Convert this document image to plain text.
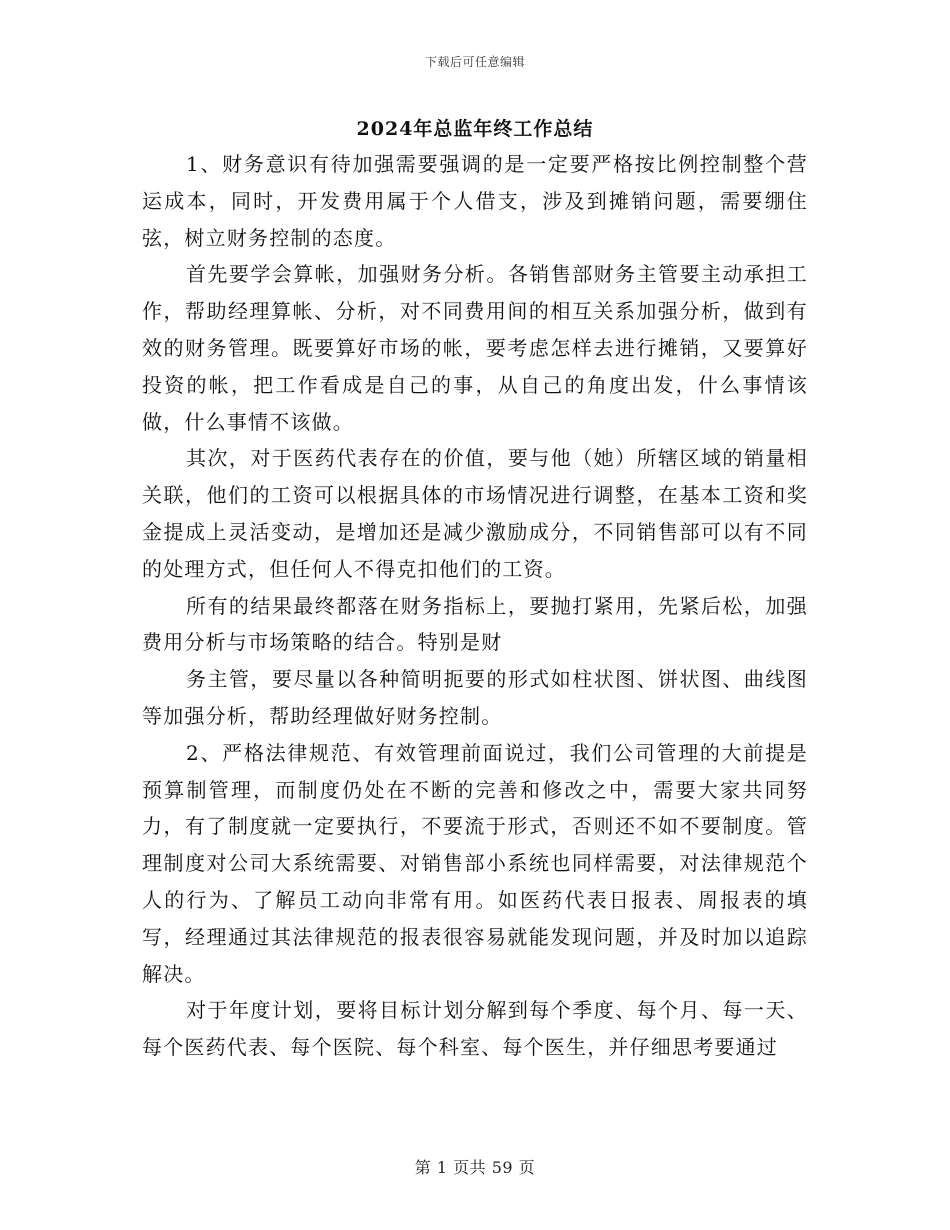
下载后可任意编辑
2024年总监年终工作总结

1、财务意识有待加强需要强调的是一定要严格按比例控制整个营运成本，同时，开发费用属于个人借支，涉及到摊销问题，需要绷住弦，树立财务控制的态度。

首先要学会算帐，加强财务分析。各销售部财务主管要主动承担工作，帮助经理算帐、分析，对不同费用间的相互关系加强分析，做到有效的财务管理。既要算好市场的帐，要考虑怎样去进行摊销，又要算好投资的帐，把工作看成是自己的事，从自己的角度出发，什么事情该做，什么事情不该做。

其次，对于医药代表存在的价值，要与他（她）所辖区域的销量相关联，他们的工资可以根据具体的市场情况进行调整，在基本工资和奖金提成上灵活变动，是增加还是减少激励成分，不同销售部可以有不同的处理方式，但任何人不得克扣他们的工资。

所有的结果最终都落在财务指标上，要抛打紧用，先紧后松，加强费用分析与市场策略的结合。特别是财

务主管，要尽量以各种简明扼要的形式如柱状图、饼状图、曲线图等加强分析，帮助经理做好财务控制。

2、严格法律规范、有效管理前面说过，我们公司管理的大前提是预算制管理，而制度仍处在不断的完善和修改之中，需要大家共同努力，有了制度就一定要执行，不要流于形式，否则还不如不要制度。管理制度对公司大系统需要、对销售部小系统也同样需要，对法律规范个人的行为、了解员工动向非常有用。如医药代表日报表、周报表的填写，经理通过其法律规范的报表很容易就能发现问题，并及时加以追踪解决。

对于年度计划，要将目标计划分解到每个季度、每个月、每一天、每个医药代表、每个医院、每个科室、每个医生，并仔细思考要通过

第 1 页共 59 页
